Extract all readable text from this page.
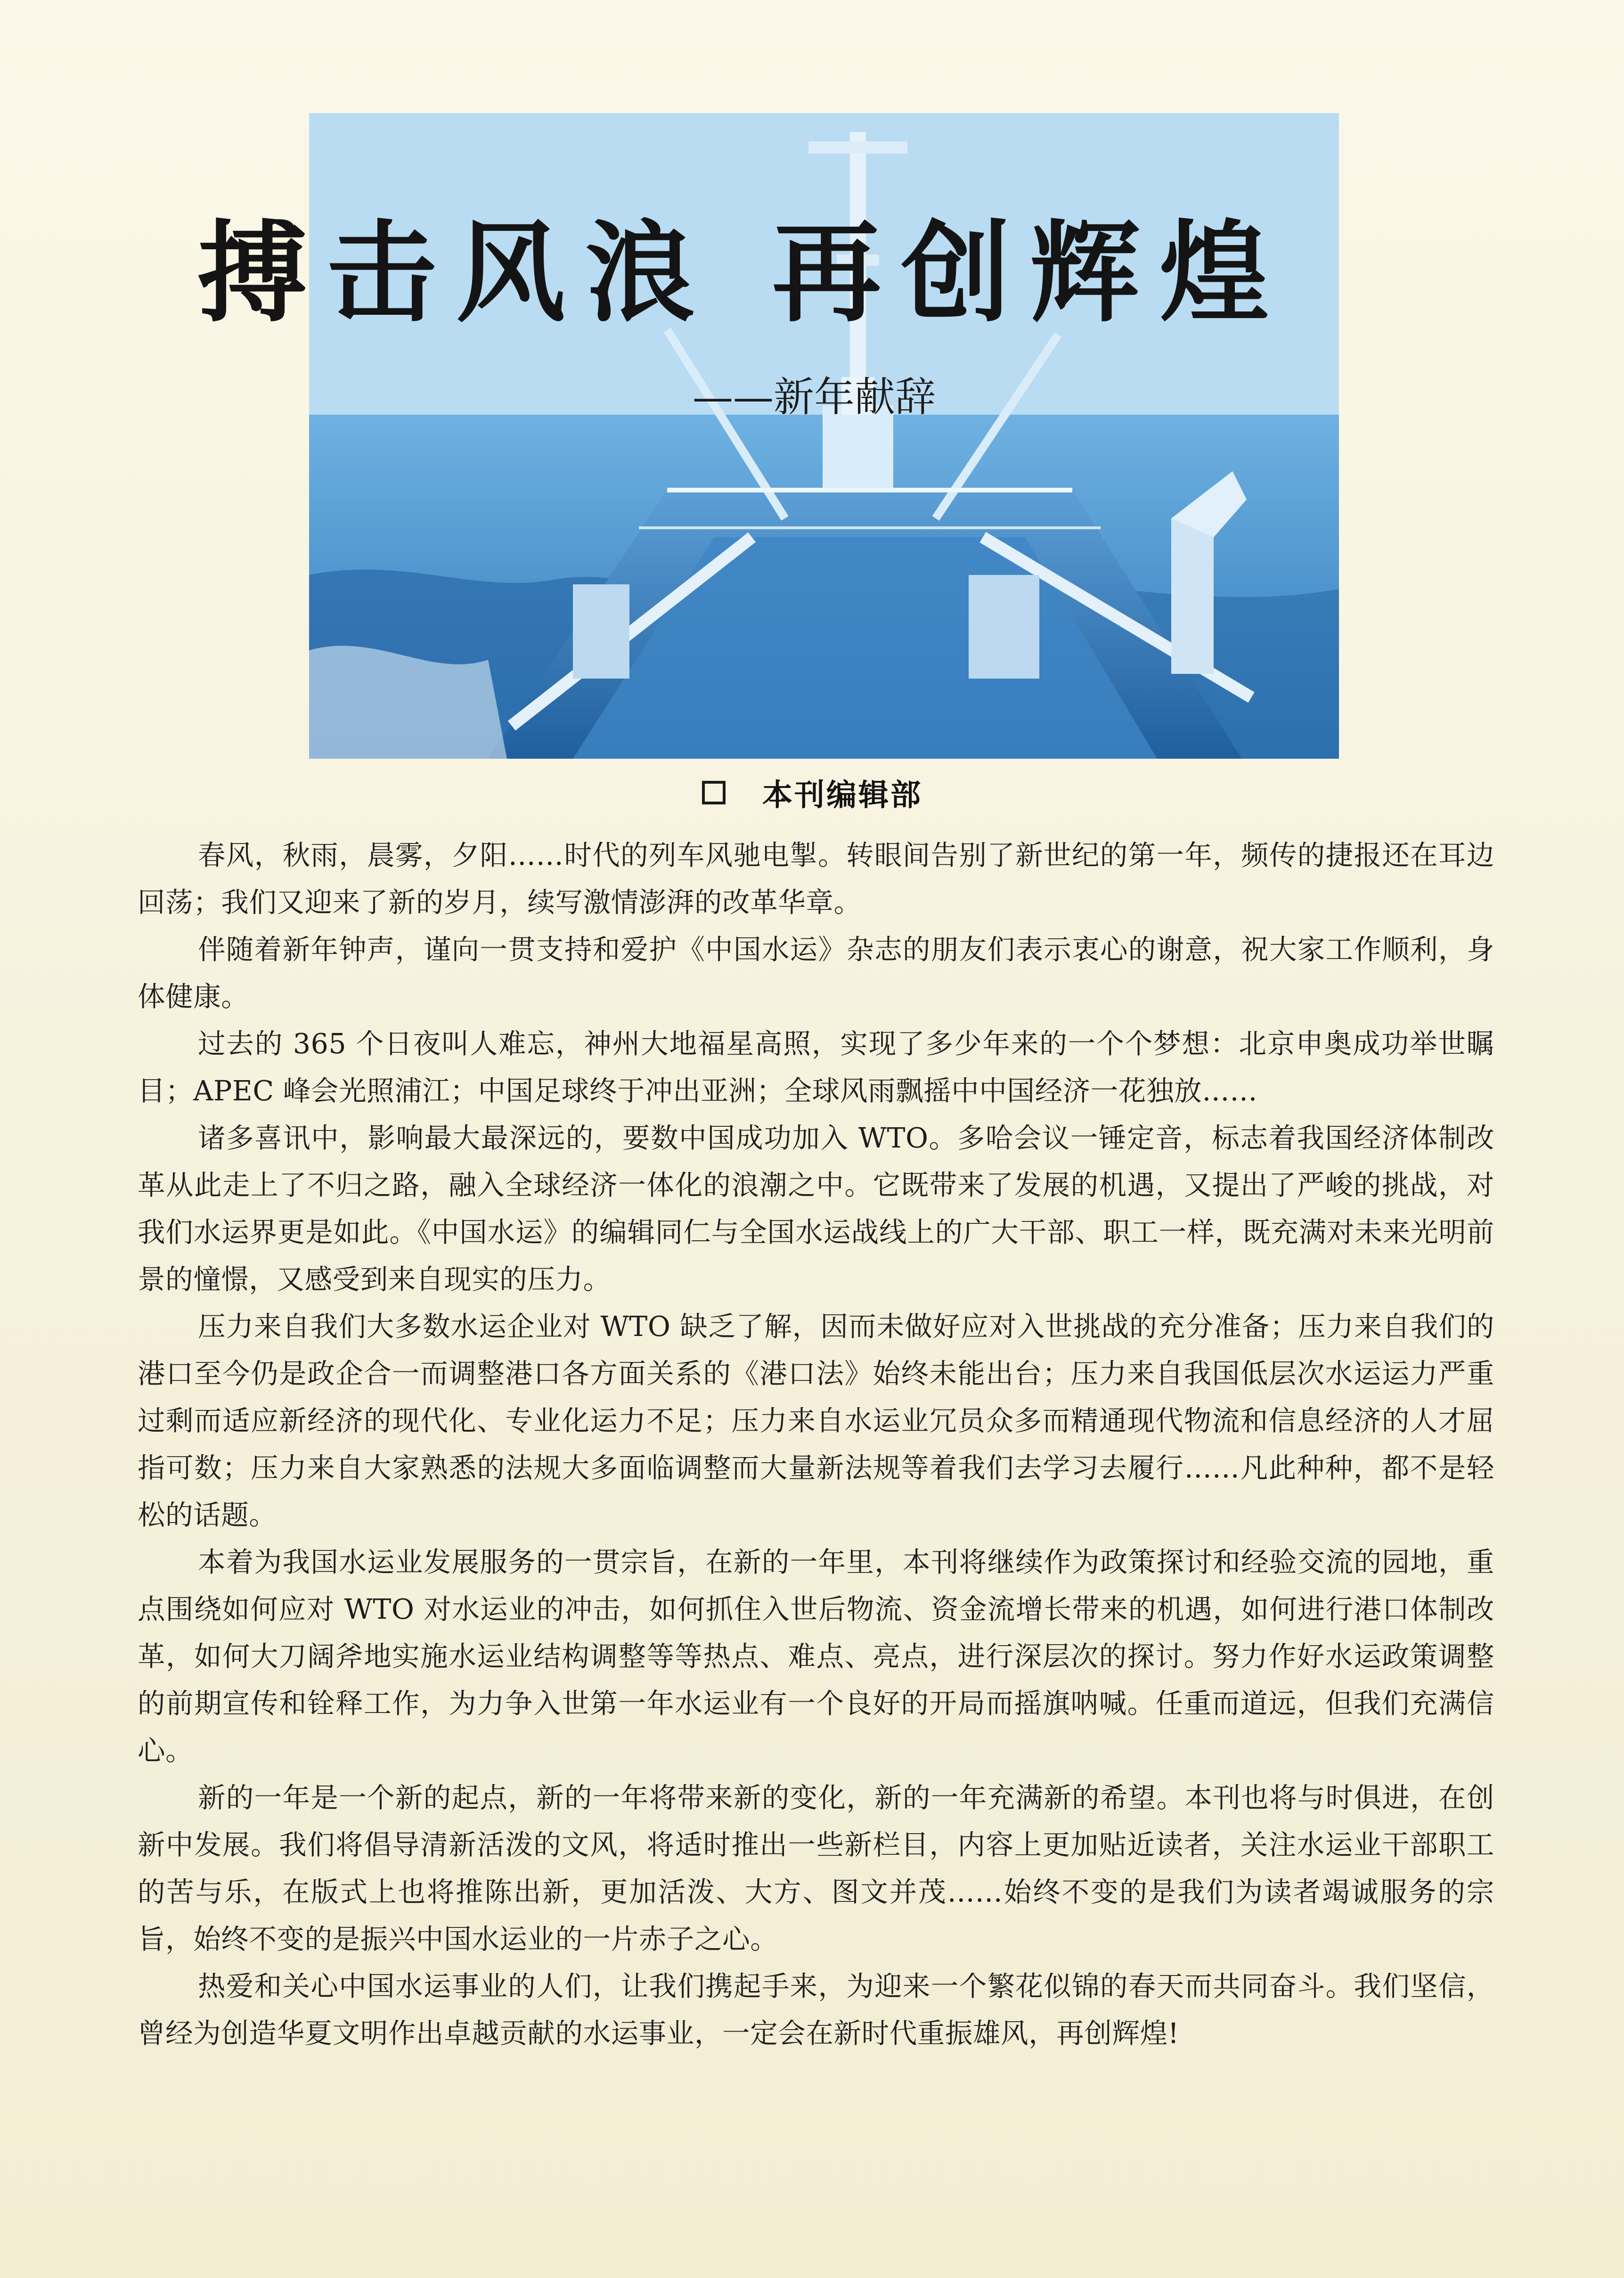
搏击风浪 再创辉煌
——新年献辞
本刊编辑部

春风，秋雨，晨雾，夕阳……时代的列车风驰电掣。转眼间告别了新世纪的第一年，频传的捷报还在耳边回荡；我们又迎来了新的岁月，续写激情澎湃的改革华章。

伴随着新年钟声，谨向一贯支持和爱护《中国水运》杂志的朋友们表示衷心的谢意，祝大家工作顺利，身体健康。

过去的 365 个日夜叫人难忘，神州大地福星高照，实现了多少年来的一个个梦想：北京申奥成功举世瞩目；APEC 峰会光照浦江；中国足球终于冲出亚洲；全球风雨飘摇中中国经济一花独放……

诸多喜讯中，影响最大最深远的，要数中国成功加入 WTO。多哈会议一锤定音，标志着我国经济体制改革从此走上了不归之路，融入全球经济一体化的浪潮之中。它既带来了发展的机遇，又提出了严峻的挑战，对我们水运界更是如此。《中国水运》的编辑同仁与全国水运战线上的广大干部、职工一样，既充满对未来光明前景的憧憬，又感受到来自现实的压力。

压力来自我们大多数水运企业对 WTO 缺乏了解，因而未做好应对入世挑战的充分准备；压力来自我们的港口至今仍是政企合一而调整港口各方面关系的《港口法》始终未能出台；压力来自我国低层次水运运力严重过剩而适应新经济的现代化、专业化运力不足；压力来自水运业冗员众多而精通现代物流和信息经济的人才屈指可数；压力来自大家熟悉的法规大多面临调整而大量新法规等着我们去学习去履行……凡此种种，都不是轻松的话题。

本着为我国水运业发展服务的一贯宗旨，在新的一年里，本刊将继续作为政策探讨和经验交流的园地，重点围绕如何应对 WTO 对水运业的冲击，如何抓住入世后物流、资金流增长带来的机遇，如何进行港口体制改革，如何大刀阔斧地实施水运业结构调整等等热点、难点、亮点，进行深层次的探讨。努力作好水运政策调整的前期宣传和铨释工作，为力争入世第一年水运业有一个良好的开局而摇旗呐喊。任重而道远，但我们充满信心。

新的一年是一个新的起点，新的一年将带来新的变化，新的一年充满新的希望。本刊也将与时俱进，在创新中发展。我们将倡导清新活泼的文风，将适时推出一些新栏目，内容上更加贴近读者，关注水运业干部职工的苦与乐，在版式上也将推陈出新，更加活泼、大方、图文并茂……始终不变的是我们为读者竭诚服务的宗旨，始终不变的是振兴中国水运业的一片赤子之心。

热爱和关心中国水运事业的人们，让我们携起手来，为迎来一个繁花似锦的春天而共同奋斗。我们坚信，曾经为创造华夏文明作出卓越贡献的水运事业，一定会在新时代重振雄风，再创辉煌!
